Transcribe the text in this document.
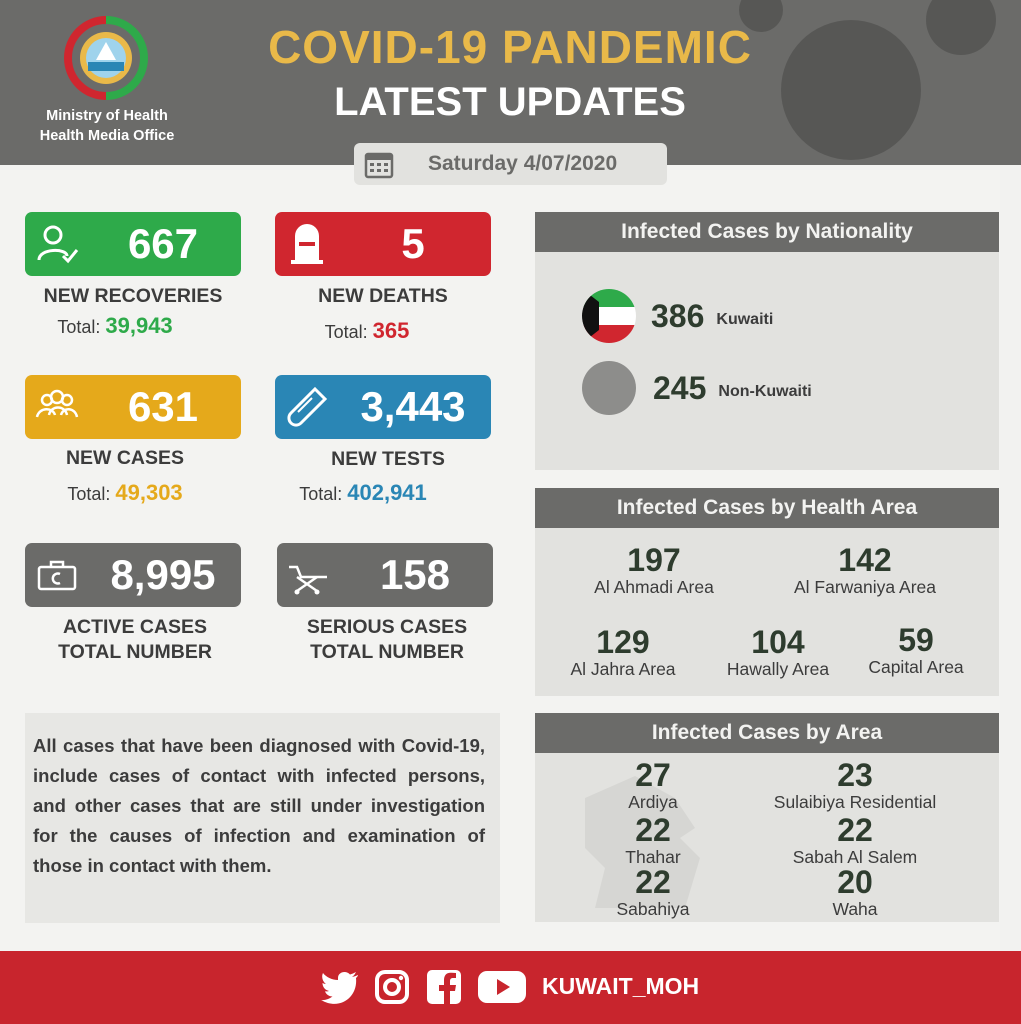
Ministry of Health
Health Media Office
COVID-19 PANDEMIC
LATEST UPDATES
Saturday 4/07/2020
667
NEW RECOVERIES
Total: 39,943
5
NEW DEATHS
Total: 365
631
NEW CASES
Total: 49,303
3,443
NEW TESTS
Total: 402,941
8,995
ACTIVE CASES
TOTAL NUMBER
158
SERIOUS CASES
TOTAL NUMBER

All cases that have been diagnosed with Covid-19, include cases of contact with infected persons, and other cases that are still under investigation for the causes of infection and examination of those in contact with them.

Infected Cases by Nationality
386 Kuwaiti
245 Non-Kuwaiti
Infected Cases by Health Area
197
Al Ahmadi Area
142
Al Farwaniya Area
129
Al Jahra Area
104
Hawally Area
59
Capital Area
Infected Cases by Area
27
Ardiya
23
Sulaibiya Residential
22
Thahar
22
Sabah Al Salem
22
Sabahiya
20
Waha
KUWAIT_MOH
